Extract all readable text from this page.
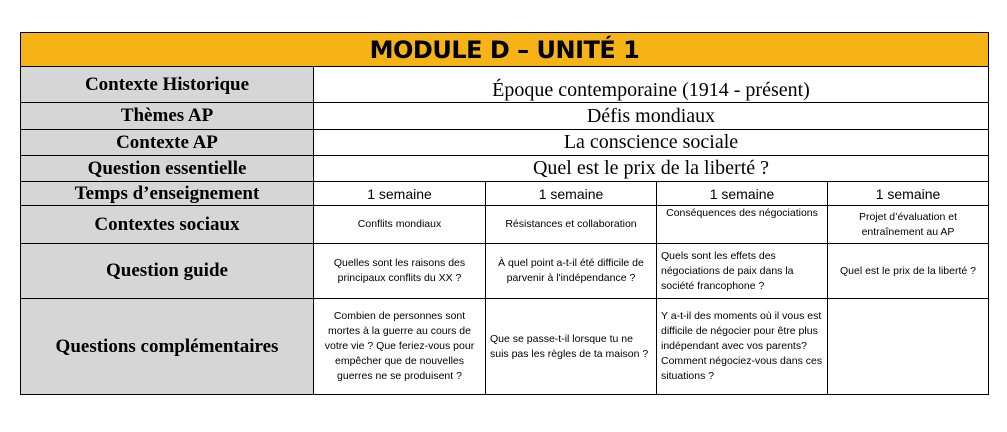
MODULE D – UNITÉ 1				
Contexte Historique	Époque contemporaine (1914 - présent)			
Thèmes AP	Défis mondiaux			
Contexte AP	La conscience sociale			
Question essentielle	Quel est le prix de la liberté ?			
Temps d’enseignement	1 semaine	1 semaine	1 semaine	1 semaine
Contextes sociaux	Conflits mondiaux	Résistances et collaboration	Conséquences des négociations	Projet d’évaluation et entraînement au AP
Question guide	Quelles sont les raisons des principaux conflits du XX ?	À quel point a-t-il été difficile de parvenir à l'indépendance ?	Quels sont les effets des négociations de paix dans la société francophone ?	Quel est le prix de la liberté ?
Questions complémentaires	Combien de personnes sont mortes à la guerre au cours de votre vie ? Que feriez-vous pour empêcher que de nouvelles guerres ne se produisent ?	Que se passe-t-il lorsque tu ne suis pas les règles de ta maison ?	Y a-t-il des moments où il vous est difficile de négocier pour être plus indépendant avec vos parents? Comment négociez-vous dans ces situations ?	
